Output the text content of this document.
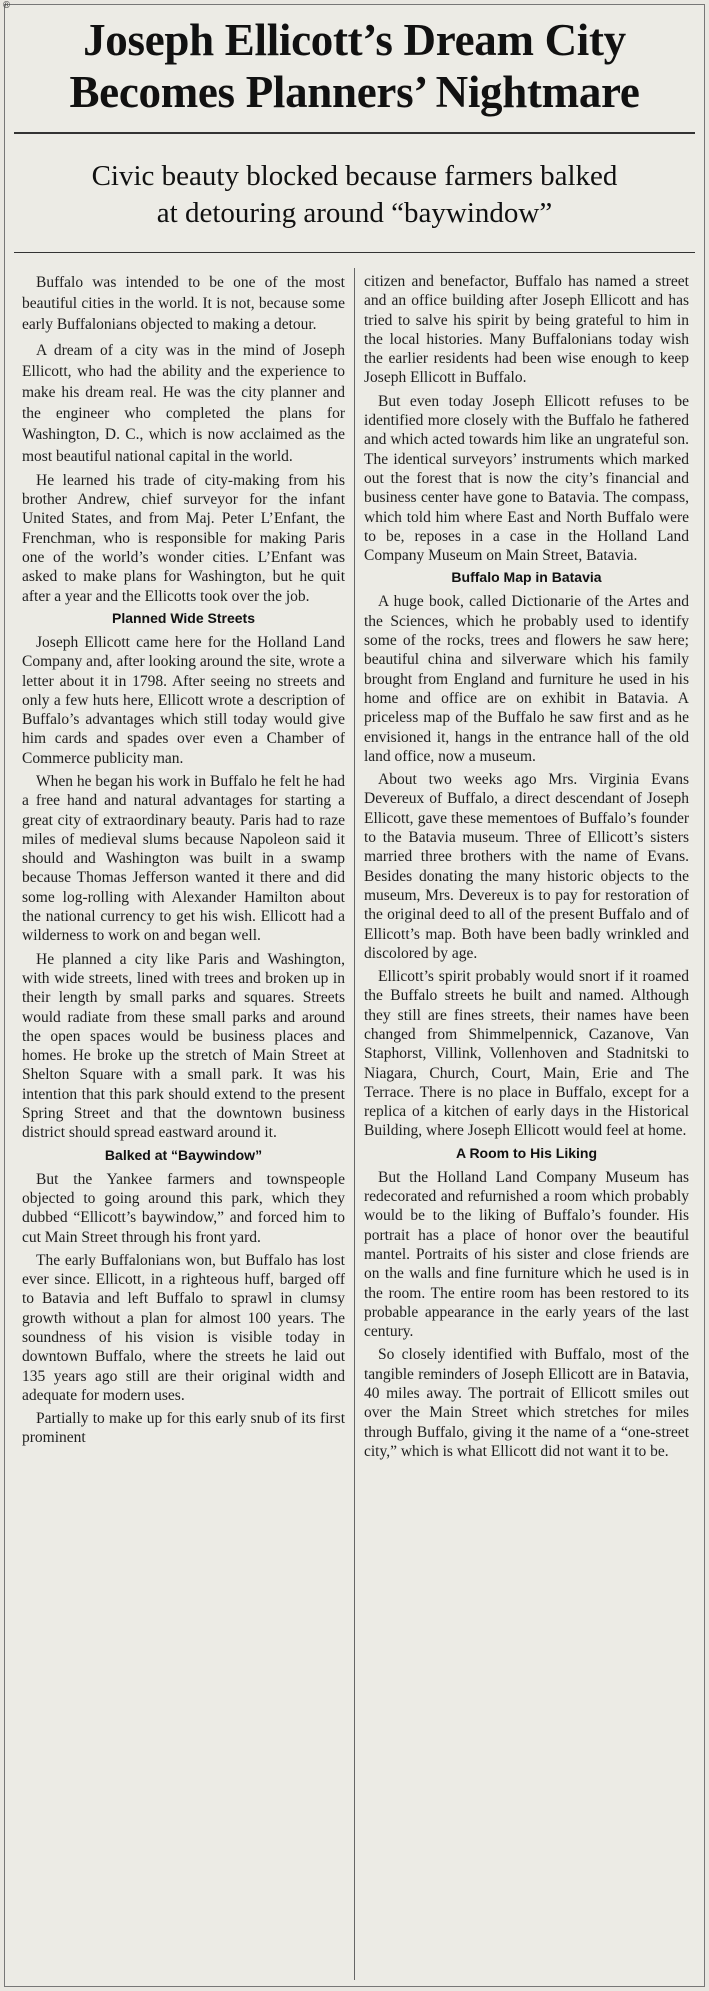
®
Joseph Ellicott’s Dream City
Becomes Planners’ Nightmare
Civic beauty blocked because farmers balked
at detouring around “baywindow”

Buffalo was intended to be one of the most beautiful cities in the world. It is not, because some early Buffalonians objected to making a detour.

A dream of a city was in the mind of Joseph Ellicott, who had the ability and the experience to make his dream real. He was the city planner and the engineer who completed the plans for Washington, D. C., which is now acclaimed as the most beautiful national capital in the world.

He learned his trade of city-making from his brother Andrew, chief surveyor for the infant United States, and from Maj. Peter L’Enfant, the Frenchman, who is responsible for making Paris one of the world’s wonder cities. L’Enfant was asked to make plans for Washington, but he quit after a year and the Ellicotts took over the job.

Planned Wide Streets

Joseph Ellicott came here for the Holland Land Company and, after looking around the site, wrote a letter about it in 1798. After seeing no streets and only a few huts here, Ellicott wrote a description of Buffalo’s advantages which still today would give him cards and spades over even a Chamber of Commerce publicity man.

When he began his work in Buffalo he felt he had a free hand and natural advantages for starting a great city of extraordinary beauty. Paris had to raze miles of medieval slums because Napoleon said it should and Washington was built in a swamp because Thomas Jefferson wanted it there and did some log-rolling with Alexander Hamilton about the national currency to get his wish. Ellicott had a wilderness to work on and began well.

He planned a city like Paris and Washington, with wide streets, lined with trees and broken up in their length by small parks and squares. Streets would radiate from these small parks and around the open spaces would be business places and homes. He broke up the stretch of Main Street at Shelton Square with a small park. It was his intention that this park should extend to the present Spring Street and that the downtown business district should spread eastward around it.

Balked at “Baywindow”

But the Yankee farmers and townspeople objected to going around this park, which they dubbed “Ellicott’s baywindow,” and forced him to cut Main Street through his front yard.

The early Buffalonians won, but Buffalo has lost ever since. Ellicott, in a righteous huff, barged off to Batavia and left Buffalo to sprawl in clumsy growth without a plan for almost 100 years. The soundness of his vision is visible today in downtown Buffalo, where the streets he laid out 135 years ago still are their original width and adequate for modern uses.

Partially to make up for this early snub of its first prominent

citizen and benefactor, Buffalo has named a street and an office building after Joseph Ellicott and has tried to salve his spirit by being grateful to him in the local histories. Many Buffalonians today wish the earlier residents had been wise enough to keep Joseph Ellicott in Buffalo.

But even today Joseph Ellicott refuses to be identified more closely with the Buffalo he fathered and which acted towards him like an ungrateful son. The identical surveyors’ instruments which marked out the forest that is now the city’s financial and business center have gone to Batavia. The compass, which told him where East and North Buffalo were to be, reposes in a case in the Holland Land Company Museum on Main Street, Batavia.

Buffalo Map in Batavia

A huge book, called Dictionarie of the Artes and the Sciences, which he probably used to identify some of the rocks, trees and flowers he saw here; beautiful china and silverware which his family brought from England and furniture he used in his home and office are on exhibit in Batavia. A priceless map of the Buffalo he saw first and as he envisioned it, hangs in the entrance hall of the old land office, now a museum.

About two weeks ago Mrs. Virginia Evans Devereux of Buffalo, a direct descendant of Joseph Ellicott, gave these mementoes of Buffalo’s founder to the Batavia museum. Three of Ellicott’s sisters married three brothers with the name of Evans. Besides donating the many historic objects to the museum, Mrs. Devereux is to pay for restoration of the original deed to all of the present Buffalo and of Ellicott’s map. Both have been badly wrinkled and discolored by age.

Ellicott’s spirit probably would snort if it roamed the Buffalo streets he built and named. Although they still are fines streets, their names have been changed from Shimmelpennick, Cazanove, Van Staphorst, Villink, Vollenhoven and Stadnitski to Niagara, Church, Court, Main, Erie and The Terrace. There is no place in Buffalo, except for a replica of a kitchen of early days in the Historical Building, where Joseph Ellicott would feel at home.

A Room to His Liking

But the Holland Land Company Museum has redecorated and refurnished a room which probably would be to the liking of Buffalo’s founder. His portrait has a place of honor over the beautiful mantel. Portraits of his sister and close friends are on the walls and fine furniture which he used is in the room. The entire room has been restored to its probable appearance in the early years of the last century.

So closely identified with Buffalo, most of the tangible reminders of Joseph Ellicott are in Batavia, 40 miles away. The portrait of Ellicott smiles out over the Main Street which stretches for miles through Buffalo, giving it the name of a “one-street city,” which is what Ellicott did not want it to be.
